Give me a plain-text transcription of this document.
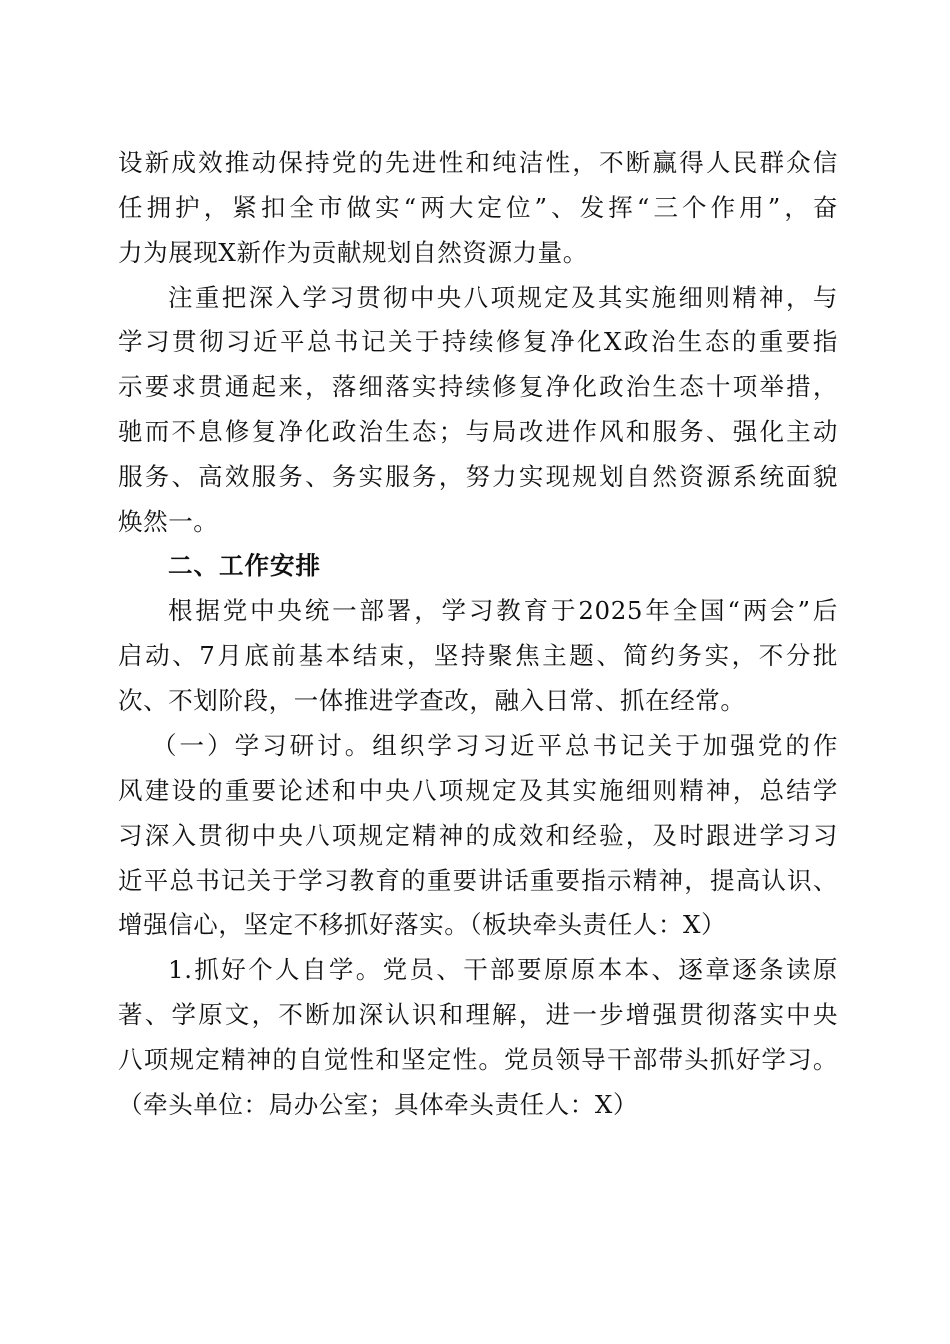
设新成效推动保持党的先进性和纯洁性，不断赢得人民群众信
任拥护，紧扣全市做实“两大定位”、发挥“三个作用”，奋
力为展现X新作为贡献规划自然资源力量。
注重把深入学习贯彻中央八项规定及其实施细则精神，与
学习贯彻习近平总书记关于持续修复净化X政治生态的重要指
示要求贯通起来，落细落实持续修复净化政治生态十项举措，
驰而不息修复净化政治生态；与局改进作风和服务、强化主动
服务、高效服务、务实服务，努力实现规划自然资源系统面貌
焕然一。
二、工作安排
根据党中央统一部署，学习教育于2025年全国“两会”后
启动、7月底前基本结束，坚持聚焦主题、简约务实，不分批
次、不划阶段，一体推进学查改，融入日常、抓在经常。
（一）学习研讨。组织学习习近平总书记关于加强党的作
风建设的重要论述和中央八项规定及其实施细则精神，总结学
习深入贯彻中央八项规定精神的成效和经验，及时跟进学习习
近平总书记关于学习教育的重要讲话重要指示精神，提高认识、
增强信心，坚定不移抓好落实。（板块牵头责任人：X）
1.抓好个人自学。党员、干部要原原本本、逐章逐条读原
著、学原文，不断加深认识和理解，进一步增强贯彻落实中央
八项规定精神的自觉性和坚定性。党员领导干部带头抓好学习。
（牵头单位：局办公室；具体牵头责任人：X）
